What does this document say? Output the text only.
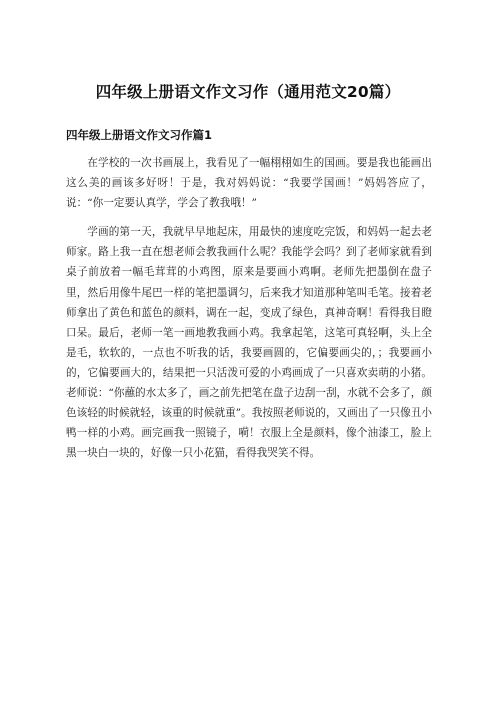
四年级上册语文作文习作（通用范文20篇）
四年级上册语文作文习作篇1

在学校的一次书画展上，我看见了一幅栩栩如生的国画。要是我也能画出这么美的画该多好呀！于是，我对妈妈说：“我要学国画！”妈妈答应了，说：“你一定要认真学，学会了教我哦！”

学画的第一天，我就早早地起床，用最快的速度吃完饭，和妈妈一起去老师家。路上我一直在想老师会教我画什么呢？我能学会吗？到了老师家就看到桌子前放着一幅毛茸茸的小鸡图，原来是要画小鸡啊。老师先把墨倒在盘子里，然后用像牛尾巴一样的笔把墨调匀，后来我才知道那种笔叫毛笔。接着老师拿出了黄色和蓝色的颜料，调在一起，变成了绿色，真神奇啊！看得我目瞪口呆。最后，老师一笔一画地教我画小鸡。我拿起笔，这笔可真轻啊，头上全是毛，软软的，一点也不听我的话，我要画圆的，它偏要画尖的，；我要画小的，它偏要画大的，结果把一只活泼可爱的小鸡画成了一只喜欢卖萌的小猪。老师说：“你蘸的水太多了，画之前先把笔在盘子边刮一刮，水就不会多了，颜色该轻的时候就轻，该重的时候就重”。我按照老师说的，又画出了一只像丑小鸭一样的小鸡。画完画我一照镜子，嗬！衣服上全是颜料，像个油漆工，脸上黑一块白一块的，好像一只小花猫，看得我哭笑不得。
